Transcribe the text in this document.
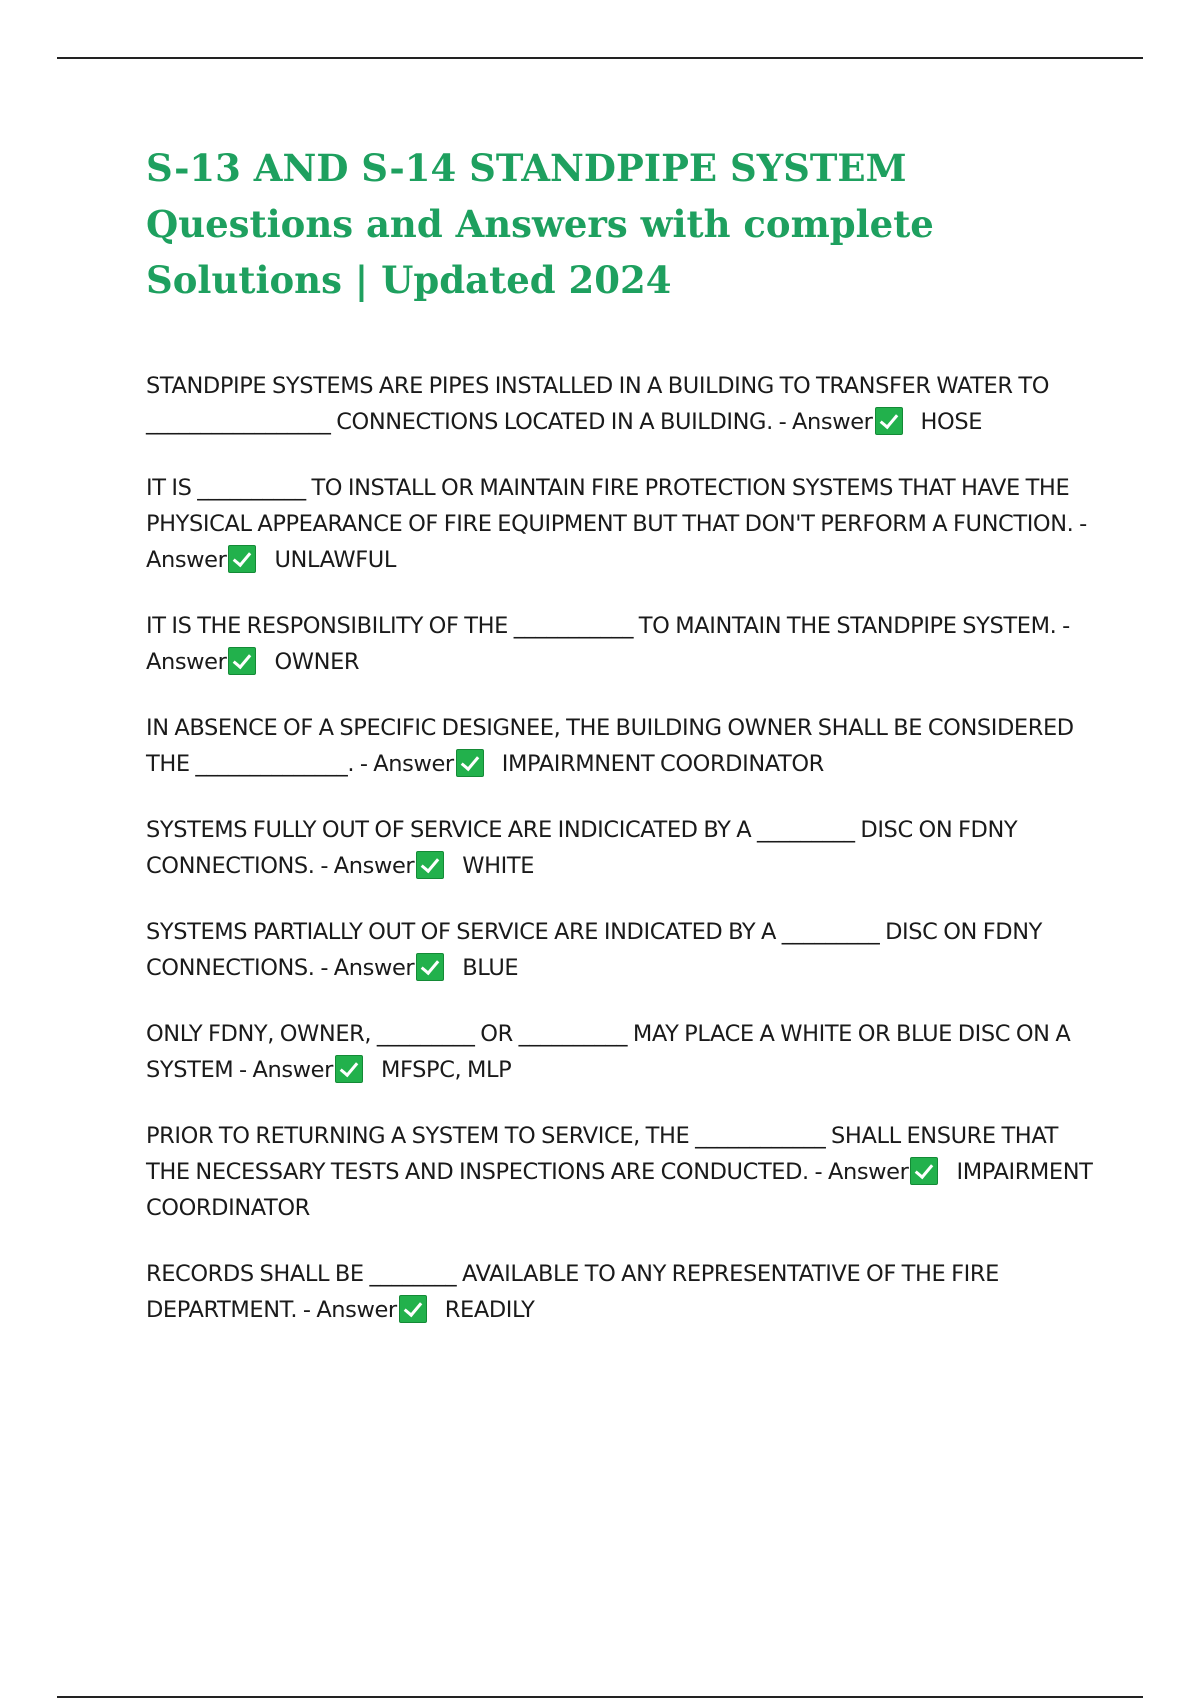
S-13 AND S-14 STANDPIPE SYSTEM Questions and Answers with complete Solutions | Updated 2024
STANDPIPE SYSTEMS ARE PIPES INSTALLED IN A BUILDING TO TRANSFER WATER TO _________________ CONNECTIONS LOCATED IN A BUILDING. - Answer HOSE
IT IS __________ TO INSTALL OR MAINTAIN FIRE PROTECTION SYSTEMS THAT HAVE THE PHYSICAL APPEARANCE OF FIRE EQUIPMENT BUT THAT DON'T PERFORM A FUNCTION. - Answer UNLAWFUL
IT IS THE RESPONSIBILITY OF THE ___________ TO MAINTAIN THE STANDPIPE SYSTEM. - Answer OWNER
IN ABSENCE OF A SPECIFIC DESIGNEE, THE BUILDING OWNER SHALL BE CONSIDERED THE ______________. - Answer IMPAIRMNENT COORDINATOR
SYSTEMS FULLY OUT OF SERVICE ARE INDICICATED BY A _________ DISC ON FDNY CONNECTIONS. - Answer WHITE
SYSTEMS PARTIALLY OUT OF SERVICE ARE INDICATED BY A _________ DISC ON FDNY CONNECTIONS. - Answer BLUE
ONLY FDNY, OWNER, _________ OR __________ MAY PLACE A WHITE OR BLUE DISC ON A SYSTEM - Answer MFSPC, MLP
PRIOR TO RETURNING A SYSTEM TO SERVICE, THE ____________ SHALL ENSURE THAT THE NECESSARY TESTS AND INSPECTIONS ARE CONDUCTED. - Answer IMPAIRMENT COORDINATOR
RECORDS SHALL BE ________ AVAILABLE TO ANY REPRESENTATIVE OF THE FIRE DEPARTMENT. - Answer READILY
